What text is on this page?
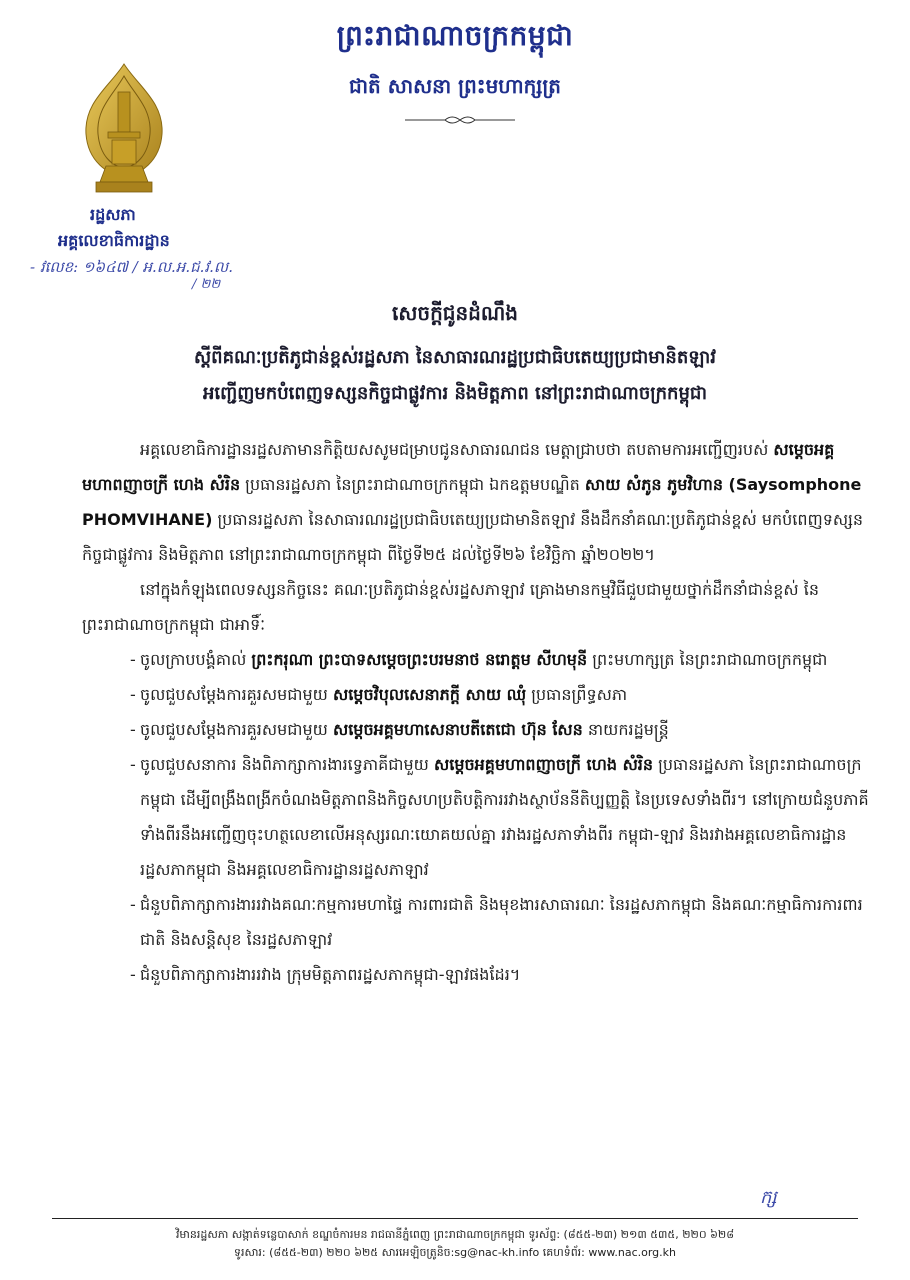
ព្រះរាជាណាចក្រកម្ពុជា
ជាតិ សាសនា ព្រះមហាក្សត្រ
រដ្ឋសភា
អគ្គលេខាធិការដ្ឋាន
- វលេខ: ១៦៤៧ / អ.ល.អ.ជ.វ.ល.
/ ២២
សេចក្តីជូនដំណឹង
ស្តីពីគណៈប្រតិភូជាន់ខ្ពស់រដ្ឋសភា នៃសាធារណរដ្ឋប្រជាធិបតេយ្យប្រជាមានិតឡាវ
អញ្ជើញមកបំពេញទស្សនកិច្ចជាផ្លូវការ និងមិត្តភាព នៅព្រះរាជាណាចក្រកម្ពុជា

អគ្គលេខាធិការដ្ឋានរដ្ឋសភាមានកិត្តិយសសូមជម្រាបជូនសាធារណជន មេត្តាជ្រាបថា តបតាមការអញ្ជើញរបស់ សម្តេចអគ្គមហាពញាចក្រី ហេង សំរិន ប្រធានរដ្ឋសភា នៃព្រះរាជាណាចក្រកម្ពុជា ឯកឧត្តមបណ្ឌិត សាយ សំភូន ភូមវិហាន (Saysomphone PHOMVIHANE) ប្រធានរដ្ឋសភា នៃសាធារណរដ្ឋប្រជាធិបតេយ្យប្រជាមានិតឡាវ នឹងដឹកនាំគណៈប្រតិភូជាន់ខ្ពស់ មកបំពេញទស្សនកិច្ចជាផ្លូវការ និងមិត្តភាព នៅព្រះរាជាណាចក្រកម្ពុជា ពីថ្ងៃទី២៥ ដល់ថ្ងៃទី២៦ ខែវិច្ឆិកា ឆ្នាំ២០២២។

នៅក្នុងកំឡុងពេលទស្សនកិច្ចនេះ គណៈប្រតិភូជាន់ខ្ពស់រដ្ឋសភាឡាវ គ្រោងមានកម្មវិធីជួបជាមួយថ្នាក់ដឹកនាំជាន់ខ្ពស់ នៃព្រះរាជាណាចក្រកម្ពុជា ជាអាទិ៍ៈ

- ចូលក្រាបបង្គំគាល់ ព្រះករុណា ព្រះបាទសម្តេចព្រះបរមនាថ នរោត្តម សីហមុនី ព្រះមហាក្សត្រ នៃព្រះរាជាណាចក្រកម្ពុជា
- ចូលជួបសម្តែងការគួរសមជាមួយ សម្តេចវិបុលសេនាភក្តី សាយ ឈុំ ប្រធានព្រឹទ្ធសភា
- ចូលជួបសម្តែងការគួរសមជាមួយ សម្តេចអគ្គមហាសេនាបតីតេជោ ហ៊ុន សែន នាយករដ្ឋមន្ត្រី
- ចូលជួបសនាការ និងពិភាក្សាការងារទ្វេភាគីជាមួយ សម្តេចអគ្គមហាពញាចក្រី ហេង សំរិន ប្រធានរដ្ឋសភា នៃព្រះរាជាណាចក្រកម្ពុជា ដើម្បីពង្រឹងពង្រីកចំណងមិត្តភាពនិងកិច្ចសហប្រតិបត្តិការរវាងស្ថាប័ននីតិប្បញ្ញត្តិ នៃប្រទេសទាំងពីរ។ នៅក្រោយជំនួបភាគីទាំងពីរនឹងអញ្ជើញចុះហត្ថលេខាលើអនុស្សរណៈយោគយល់គ្នា រវាងរដ្ឋសភាទាំងពីរ កម្ពុជា-ឡាវ និងរវាងអគ្គលេខាធិការដ្ឋានរដ្ឋសភាកម្ពុជា និងអគ្គលេខាធិការដ្ឋានរដ្ឋសភាឡាវ
- ជំនួបពិភាក្សាការងាររវាងគណៈកម្មការមហាផ្ទៃ ការពារជាតិ និងមុខងារសាធារណៈ នៃរដ្ឋសភាកម្ពុជា និងគណៈកម្មាធិការការពារជាតិ និងសន្តិសុខ នៃរដ្ឋសភាឡាវ
- ជំនួបពិភាក្សាការងាររវាង ក្រុមមិត្តភាពរដ្ឋសភាកម្ពុជា-ឡាវផងដែរ។
ក្ស
វិមានរដ្ឋសភា សង្កាត់ទន្លេបាសាក់ ខណ្ឌចំការមន រាជធានីភ្នំពេញ ព្រះរាជាណាចក្រកម្ពុជា ទូរស័ព្ទ: (៨៥៥-២៣) ២១៣ ៥៣៥, ២២០ ៦២៨
ទូរសារ: (៨៥៥-២៣) ២២០ ៦២៥ សារអេឡិចត្រូនិច:sg@nac-kh.info គេហទំព័រ: www.nac.org.kh
